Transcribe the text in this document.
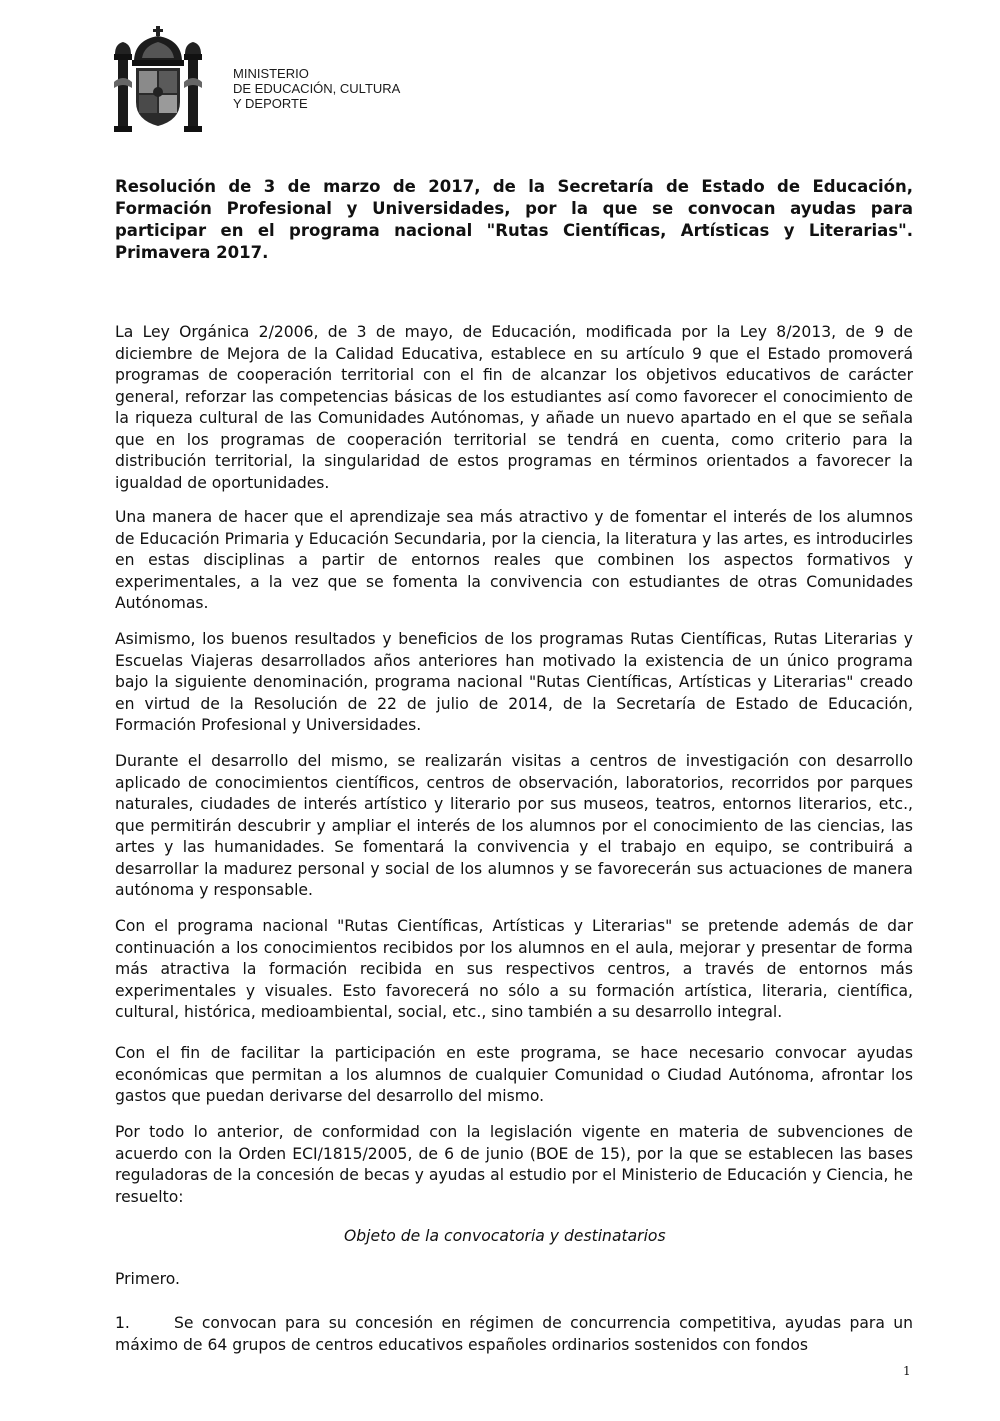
MINISTERIO
DE EDUCACIÓN, CULTURA
Y DEPORTE

Resolución de 3 de marzo de 2017, de la Secretaría de Estado de Educación, Formación Profesional y Universidades, por la que se convocan ayudas para participar en el programa nacional "Rutas Científicas, Artísticas y Literarias". Primavera 2017.

La Ley Orgánica 2/2006, de 3 de mayo, de Educación, modificada por la Ley 8/2013, de 9 de diciembre de Mejora de la Calidad Educativa, establece en su artículo 9 que el Estado promoverá programas de cooperación territorial con el fin de alcanzar los objetivos educativos de carácter general, reforzar las competencias básicas de los estudiantes así como favorecer el conocimiento de la riqueza cultural de las Comunidades Autónomas, y añade un nuevo apartado en el que se señala que en los programas de cooperación territorial se tendrá en cuenta, como criterio para la distribución territorial, la singularidad de estos programas en términos orientados a favorecer la igualdad de oportunidades.

Una manera de hacer que el aprendizaje sea más atractivo y de fomentar el interés de los alumnos de Educación Primaria y Educación Secundaria, por la ciencia, la literatura y las artes, es introducirles en estas disciplinas a partir de entornos reales que combinen los aspectos formativos y experimentales, a la vez que se fomenta la convivencia con estudiantes de otras Comunidades Autónomas.

Asimismo, los buenos resultados y beneficios de los programas Rutas Científicas, Rutas Literarias y Escuelas Viajeras desarrollados años anteriores han motivado la existencia de un único programa bajo la siguiente denominación, programa nacional "Rutas Científicas, Artísticas y Literarias" creado en virtud de la Resolución de 22 de julio de 2014, de la Secretaría de Estado de Educación, Formación Profesional y Universidades.

Durante el desarrollo del mismo, se realizarán visitas a centros de investigación con desarrollo aplicado de conocimientos científicos, centros de observación, laboratorios, recorridos por parques naturales, ciudades de interés artístico y literario por sus museos, teatros, entornos literarios, etc., que permitirán descubrir y ampliar el interés de los alumnos por el conocimiento de las ciencias, las artes y las humanidades. Se fomentará la convivencia y el trabajo en equipo, se contribuirá a desarrollar la madurez personal y social de los alumnos y se favorecerán sus actuaciones de manera autónoma y responsable.

Con el programa nacional "Rutas Científicas, Artísticas y Literarias" se pretende además de dar continuación a los conocimientos recibidos por los alumnos en el aula, mejorar y presentar de forma más atractiva la formación recibida en sus respectivos centros, a través de entornos más experimentales y visuales. Esto favorecerá no sólo a su formación artística, literaria, científica, cultural, histórica, medioambiental, social, etc., sino también a su desarrollo integral.

Con el fin de facilitar la participación en este programa, se hace necesario convocar ayudas económicas que permitan a los alumnos de cualquier Comunidad o Ciudad Autónoma, afrontar los gastos que puedan derivarse del desarrollo del mismo.

Por todo lo anterior, de conformidad con la legislación vigente en materia de subvenciones de acuerdo con la Orden ECI/1815/2005, de 6 de junio (BOE de 15), por la que se establecen las bases reguladoras de la concesión de becas y ayudas al estudio por el Ministerio de Educación y Ciencia, he resuelto:

Objeto de la convocatoria y destinatarios

Primero.

1.	Se convocan para su concesión en régimen de concurrencia competitiva, ayudas para un máximo de 64 grupos de centros educativos españoles ordinarios sostenidos con fondos

1
